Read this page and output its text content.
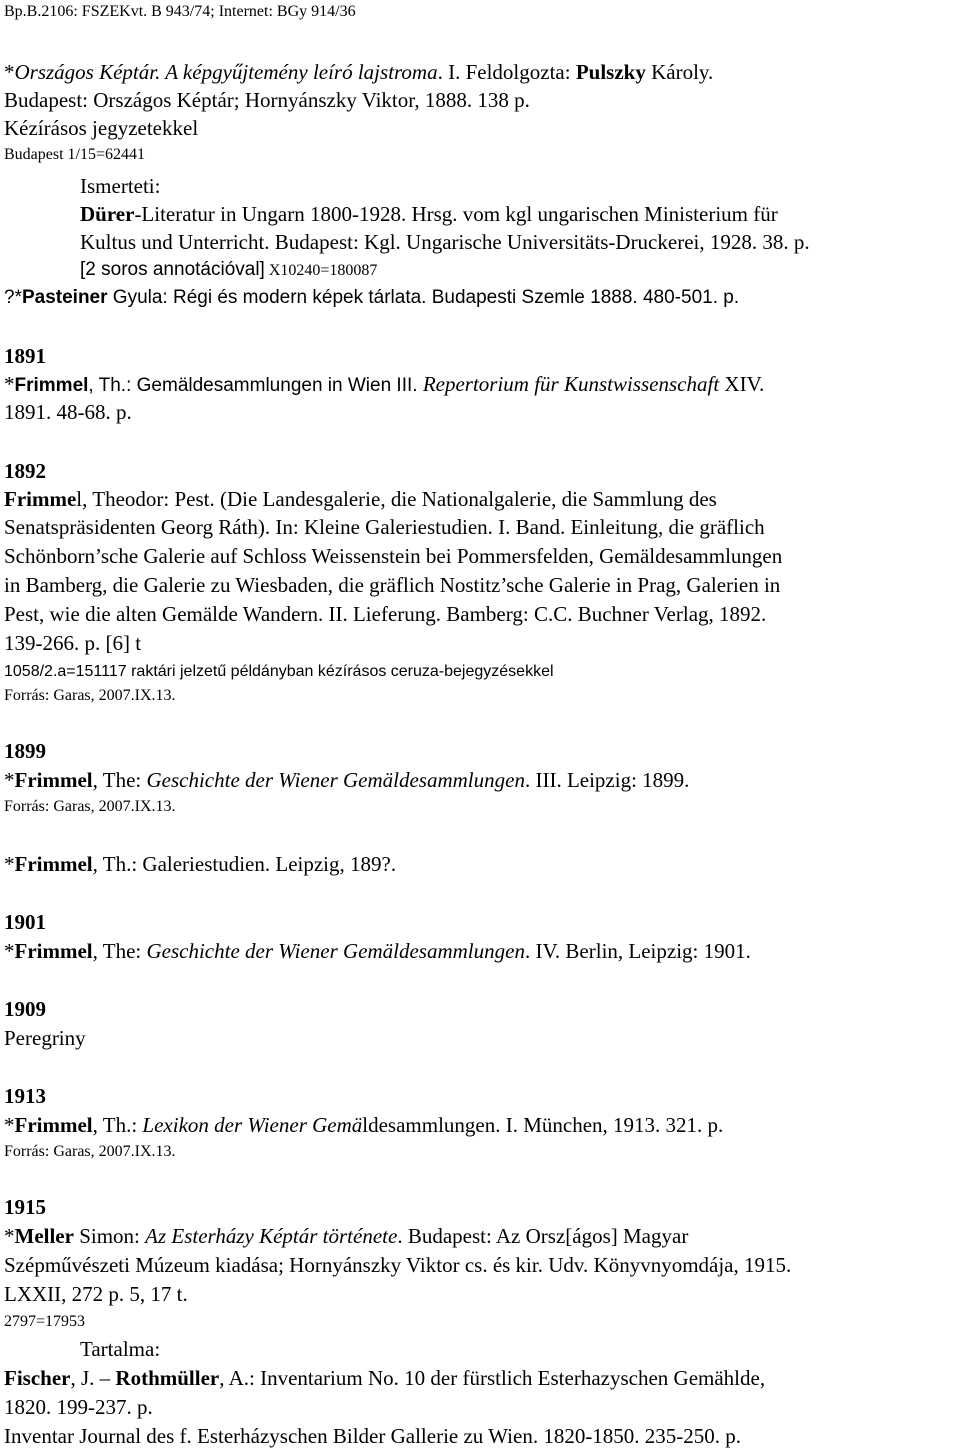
Bp.B.2106: FSZEKvt. B 943/74; Internet: BGy 914/36
*Országos Képtár. A képgyűjtemény leíró lajstroma. I. Feldolgozta: Pulszky Károly.
Budapest: Országos Képtár; Hornyánszky Viktor, 1888. 138 p.
Kézírásos jegyzetekkel
Budapest 1/15=62441
Ismerteti:
Dürer-Literatur in Ungarn 1800-1928. Hrsg. vom kgl ungarischen Ministerium für
Kultus und Unterricht. Budapest: Kgl. Ungarische Universitäts-Druckerei, 1928. 38. p.
[2 soros annotációval] X10240=180087
?*Pasteiner Gyula: Régi és modern képek tárlata. Budapesti Szemle 1888. 480-501. p.
1891
*Frimmel, Th.: Gemäldesammlungen in Wien III. Repertorium für Kunstwissenschaft XIV.
1891. 48-68. p.
1892
Frimmel, Theodor: Pest. (Die Landesgalerie, die Nationalgalerie, die Sammlung des
Senatspräsidenten Georg Ráth). In: Kleine Galeriestudien. I. Band. Einleitung, die gräflich
Schönborn’sche Galerie auf Schloss Weissenstein bei Pommersfelden, Gemäldesammlungen
in Bamberg, die Galerie zu Wiesbaden, die gräflich Nostitz’sche Galerie in Prag, Galerien in
Pest, wie die alten Gemälde Wandern. II. Lieferung. Bamberg: C.C. Buchner Verlag, 1892.
139-266. p. [6] t
1058/2.a=151117 raktári jelzetű példányban kézírásos ceruza-bejegyzésekkel
Forrás: Garas, 2007.IX.13.
1899
*Frimmel, The: Geschichte der Wiener Gemäldesammlungen. III. Leipzig: 1899.
Forrás: Garas, 2007.IX.13.
*Frimmel, Th.: Galeriestudien. Leipzig, 189?.
1901
*Frimmel, The: Geschichte der Wiener Gemäldesammlungen. IV. Berlin, Leipzig: 1901.
1909
Peregriny
1913
*Frimmel, Th.: Lexikon der Wiener Gemäldesammlungen. I. München, 1913. 321. p.
Forrás: Garas, 2007.IX.13.
1915
*Meller Simon: Az Esterházy Képtár története. Budapest: Az Orsz[ágos] Magyar
Szépművészeti Múzeum kiadása; Hornyánszky Viktor cs. és kir. Udv. Könyvnyomdája, 1915.
LXXII, 272 p. 5, 17 t.
2797=17953
Tartalma:
Fischer, J. – Rothmüller, A.: Inventarium No. 10 der fürstlich Esterhazyschen Gemählde,
1820. 199-237. p.
Inventar Journal des f. Esterházyschen Bilder Gallerie zu Wien. 1820-1850. 235-250. p.
